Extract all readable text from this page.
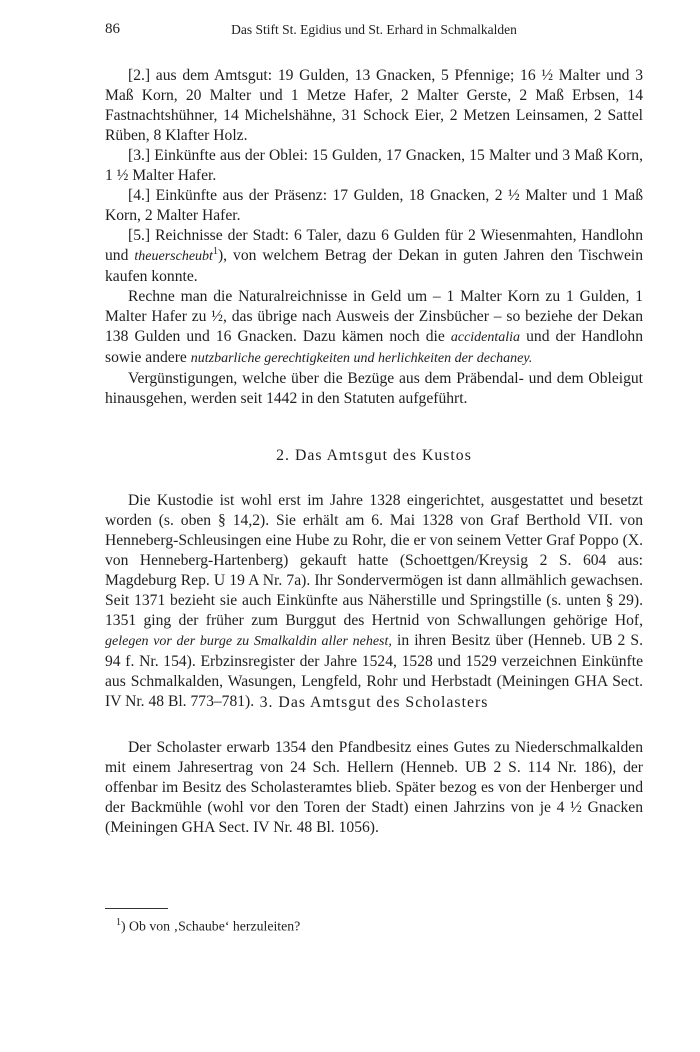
86	Das Stift St. Egidius und St. Erhard in Schmalkalden

[2.] aus dem Amtsgut: 19 Gulden, 13 Gnacken, 5 Pfennige; 16 ½ Malter und 3 Maß Korn, 20 Malter und 1 Metze Hafer, 2 Malter Gerste, 2 Maß Erbsen, 14 Fastnachtshühner, 14 Michelshähne, 31 Schock Eier, 2 Metzen Leinsamen, 2 Sattel Rüben, 8 Klafter Holz.

[3.] Einkünfte aus der Oblei: 15 Gulden, 17 Gnacken, 15 Malter und 3 Maß Korn, 1 ½ Malter Hafer.

[4.] Einkünfte aus der Präsenz: 17 Gulden, 18 Gnacken, 2 ½ Malter und 1 Maß Korn, 2 Malter Hafer.

[5.] Reichnisse der Stadt: 6 Taler, dazu 6 Gulden für 2 Wiesenmahten, Handlohn und theuerscheubt$^1$), von welchem Betrag der Dekan in guten Jahren den Tischwein kaufen konnte.

Rechne man die Naturalreichnisse in Geld um – 1 Malter Korn zu 1 Gulden, 1 Malter Hafer zu ½, das übrige nach Ausweis der Zinsbücher – so beziehe der Dekan 138 Gulden und 16 Gnacken. Dazu kämen noch die accidentalia und der Handlohn sowie andere nutzbarliche gerechtigkeiten und herlichkeiten der dechaney.

Vergünstigungen, welche über die Bezüge aus dem Präbendal- und dem Obleigut hinausgehen, werden seit 1442 in den Statuten aufgeführt.

2. Das Amtsgut des Kustos

Die Kustodie ist wohl erst im Jahre 1328 eingerichtet, ausgestattet und besetzt worden (s. oben § 14,2). Sie erhält am 6. Mai 1328 von Graf Berthold VII. von Henneberg-Schleusingen eine Hube zu Rohr, die er von seinem Vetter Graf Poppo (X. von Henneberg-Hartenberg) gekauft hatte (Schoettgen/Kreysig 2 S. 604 aus: Magdeburg Rep. U 19 A Nr. 7a). Ihr Sondervermögen ist dann allmählich gewachsen. Seit 1371 bezieht sie auch Einkünfte aus Näherstille und Springstille (s. unten § 29). 1351 ging der früher zum Burggut des Hertnid von Schwallungen gehörige Hof, gelegen vor der burge zu Smalkaldin aller nehest, in ihren Besitz über (Henneb. UB 2 S. 94 f. Nr. 154). Erbzinsregister der Jahre 1524, 1528 und 1529 verzeichnen Einkünfte aus Schmalkalden, Wasungen, Lengfeld, Rohr und Herbstadt (Meiningen GHA Sect. IV Nr. 48 Bl. 773–781). 3. Das Amtsgut des Scholasters

Der Scholaster erwarb 1354 den Pfandbesitz eines Gutes zu Niederschmalkalden mit einem Jahresertrag von 24 Sch. Hellern (Henneb. UB 2 S. 114 Nr. 186), der offenbar im Besitz des Scholasteramtes blieb. Später bezog es von der Henberger und der Backmühle (wohl vor den Toren der Stadt) einen Jahrzins von je 4 ½ Gnacken (Meiningen GHA Sect. IV Nr. 48 Bl. 1056).

$^1$) Ob von ‚Schaube‘ herzuleiten?
